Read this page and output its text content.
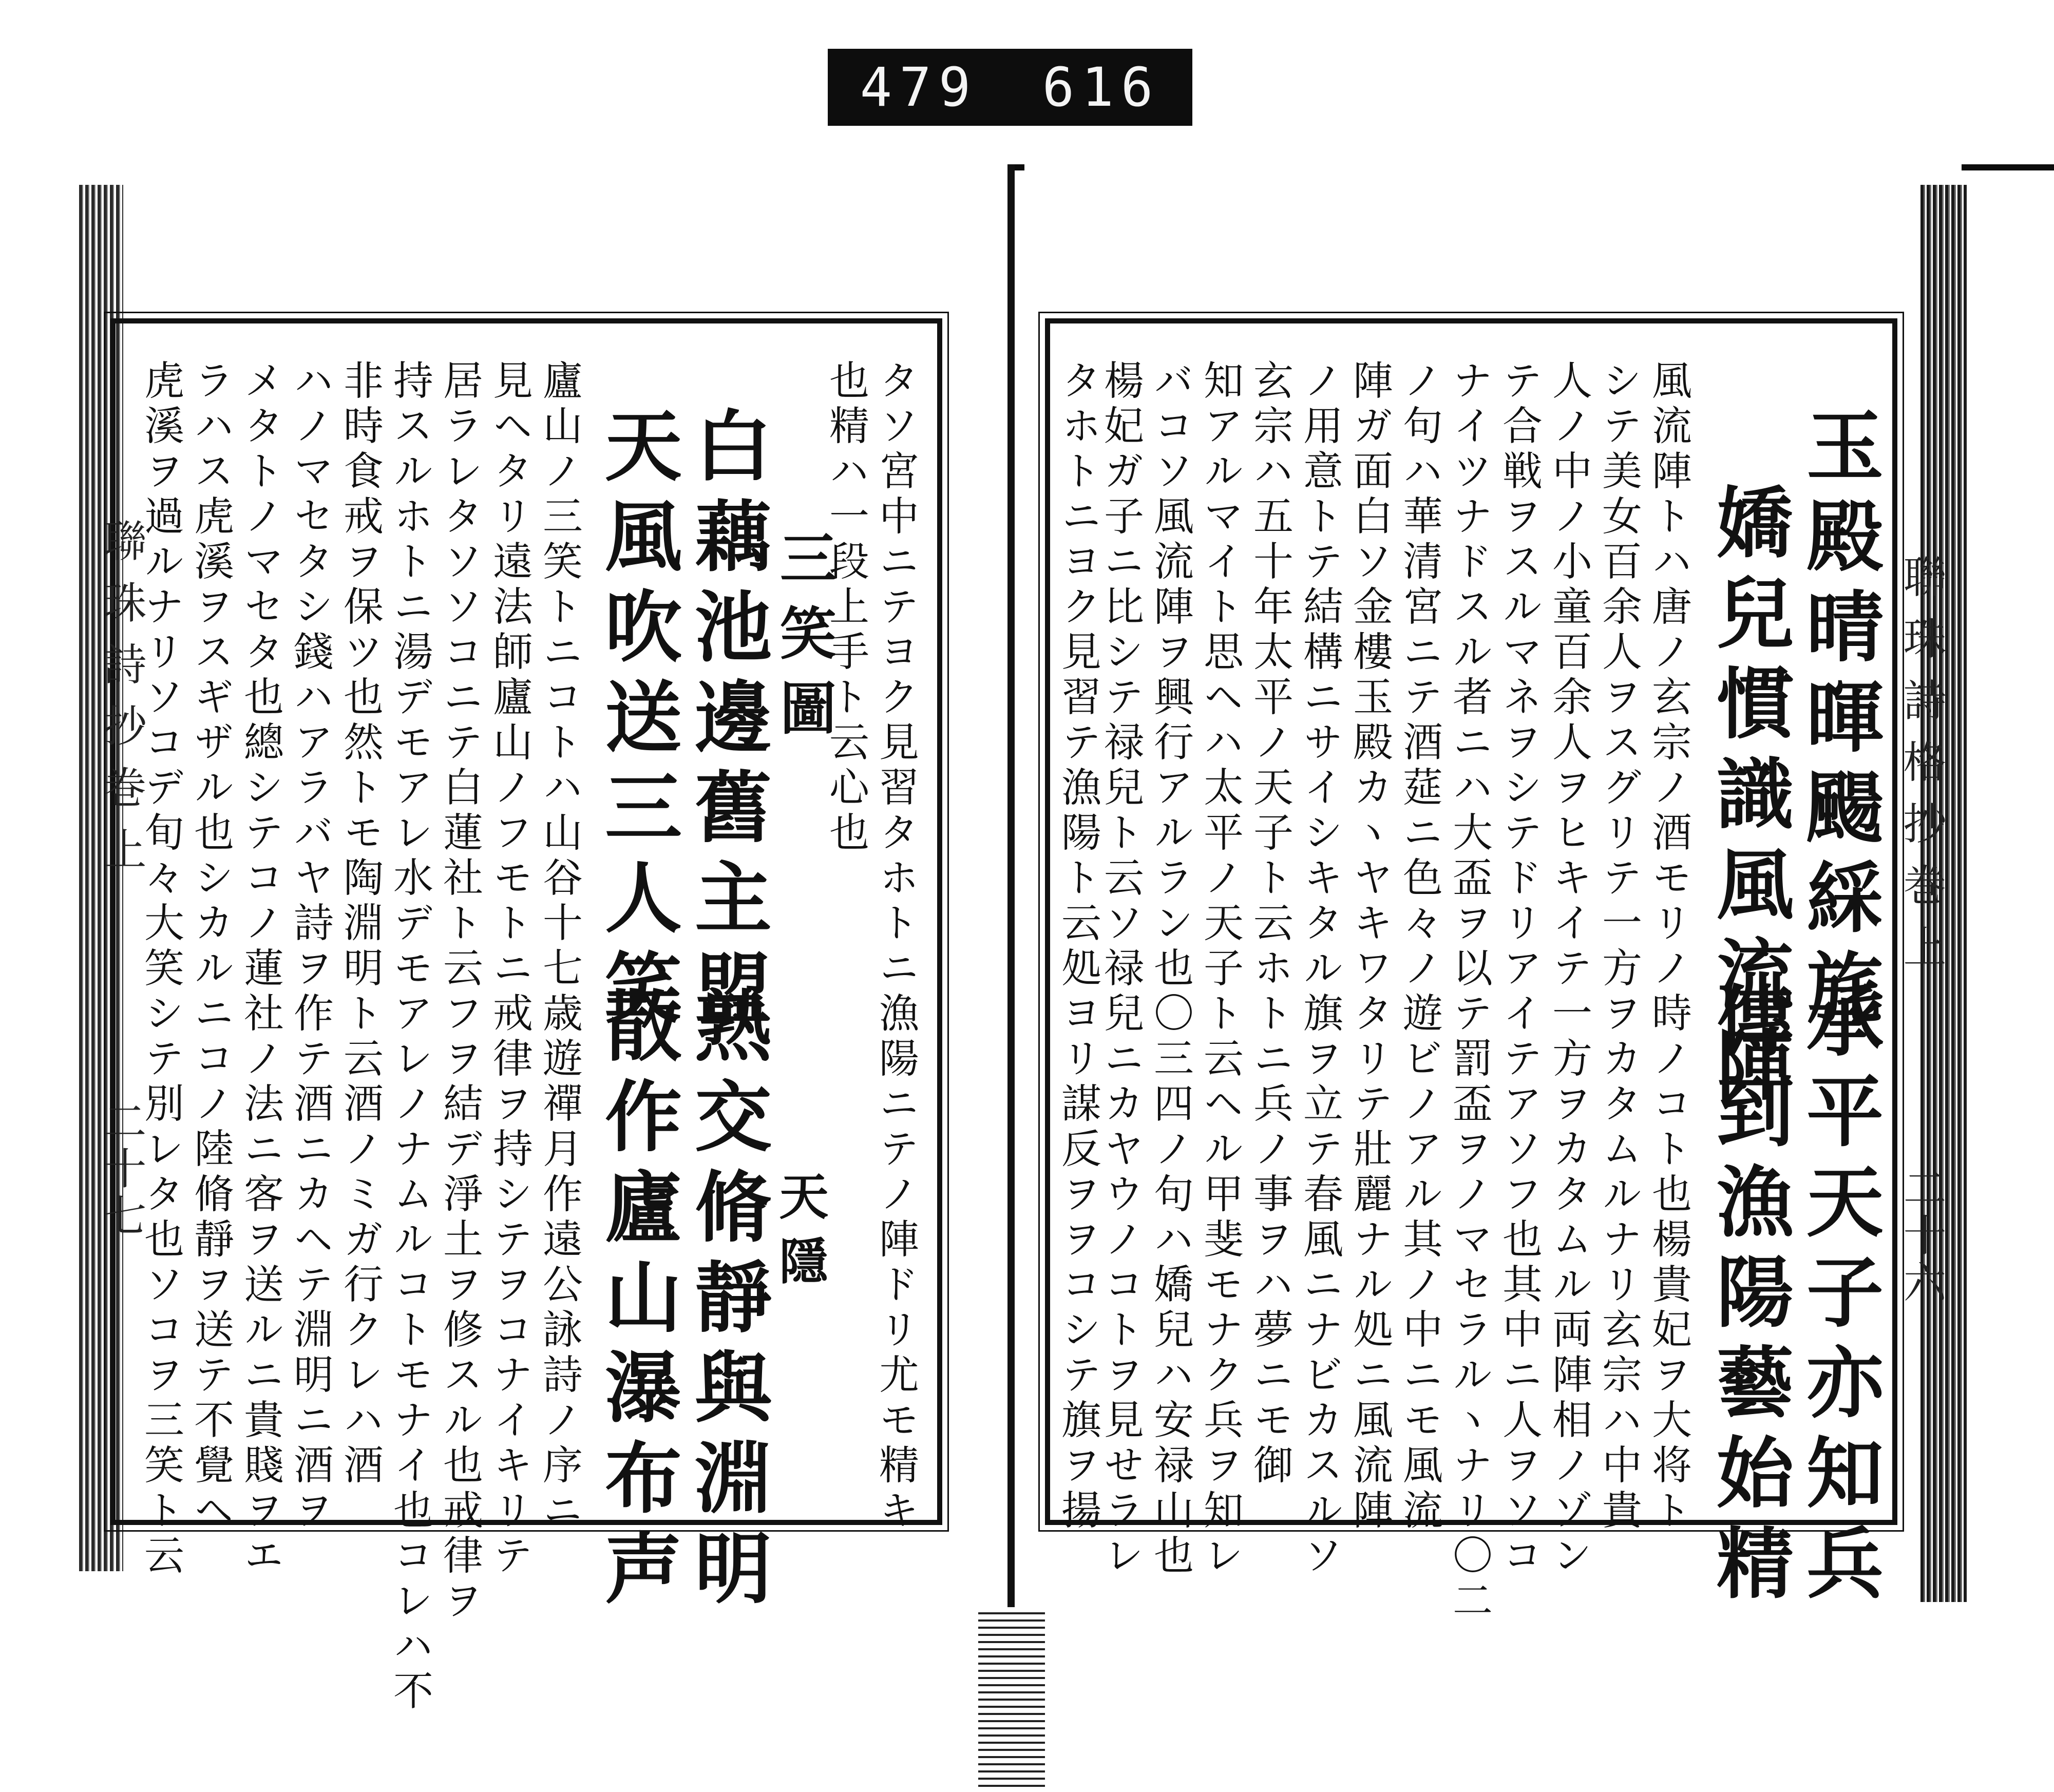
479 616
聯珠詩格抄巻上
二十六
玉殿晴暉颺綵旄
嬌兒慣識風流陣
承平天子亦知兵
傳到漁陽藝始精
風流陣トハ唐ノ玄宗ノ酒モリノ時ノコト也楊貴妃ヲ大将ト
シテ美女百余人ヲスグリテ一方ヲカタムルナリ玄宗ハ中貴
人ノ中ノ小童百余人ヲヒキイテ一方ヲカタムル両陣相ノゾン
テ合戦ヲスルマネヲシテドリアイテアソフ也其中ニ人ヲソコ
ナイツナドスル者ニハ大盃ヲ以テ罰盃ヲノマセラルヽナリ〇二
ノ句ハ華清宮ニテ酒莚ニ色々ノ遊ビノアル其ノ中ニモ風流
陣ガ面白ソ金樓玉殿カヽヤキワタリテ壯麗ナル処ニ風流陣
ノ用意トテ結構ニサイシキタル旗ヲ立テ春風ニナビカスルソ
玄宗ハ五十年太平ノ天子ト云ホトニ兵ノ事ヲハ夢ニモ御
知アルマイト思ヘハ太平ノ天子ト云ヘル甲斐モナク兵ヲ知レ
バコソ風流陣ヲ興行アルラン也〇三四ノ句ハ嬌兒ハ安禄山也
楊妃ガ子ニ比シテ禄兒ト云ソ禄兒ニカヤウノコトヲ見せラレ
タホトニヨク見習テ漁陽ト云処ヨリ謀反ヲヲコシテ旗ヲ揚
聯珠詩抄巻上
二十七	タソ宮中ニテヨク見習タホトニ漁陽ニテノ陣ドリ尤モ精キ
也精ハ一段上手ト云心也
三笑圖
天隱
白藕池邊舊主盟
熟交脩靜與淵明
天風吹送三人笑
散作廬山瀑布声
廬山ノ三笑トニコトハ山谷十七歳遊禪月作遠公詠詩ノ序ニ
見ヘタリ遠法師廬山ノフモトニ戒律ヲ持シテヲコナイキリテ
居ラレタソソコニテ白蓮社ト云フヲ結デ淨土ヲ修スル也戒律ヲ
持スルホトニ湯デモアレ水デモアレノナムルコトモナイ也コレハ不
非時食戒ヲ保ツ也然トモ陶淵明ト云酒ノミガ行クレハ酒
ハノマセタシ錢ハアラバヤ詩ヲ作テ酒ニカヘテ淵明ニ酒ヲ
メタトノマセタ也總シテコノ蓮社ノ法ニ客ヲ送ルニ貴賤ヲエ
ラハス虎溪ヲスギザル也シカルニコノ陸脩靜ヲ送テ不覺ヘ
虎溪ヲ過ルナリソコデ旬々大笑シテ別レタ也ソコヲ三笑ト云
